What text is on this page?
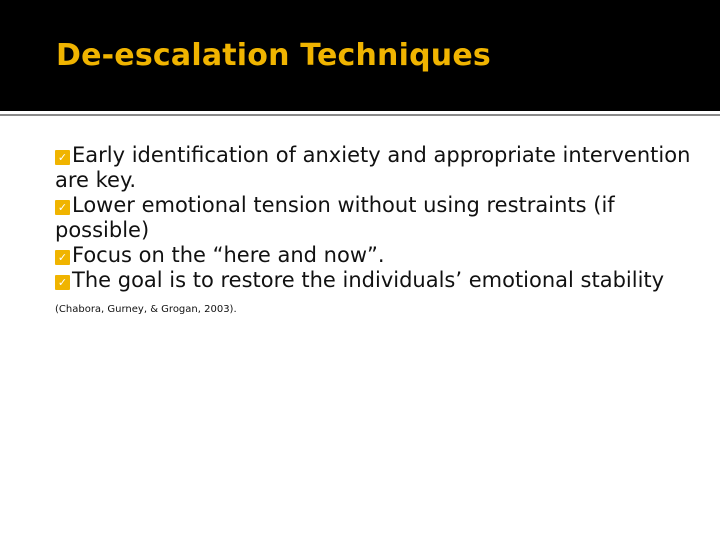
De-escalation Techniques
✓ Early identification of anxiety and appropriate intervention are key.
✓ Lower emotional tension without using restraints (if possible)
✓ Focus on the “here and now”.
✓ The goal is to restore the individuals’ emotional stability (Chabora, Gurney, & Grogan, 2003).
